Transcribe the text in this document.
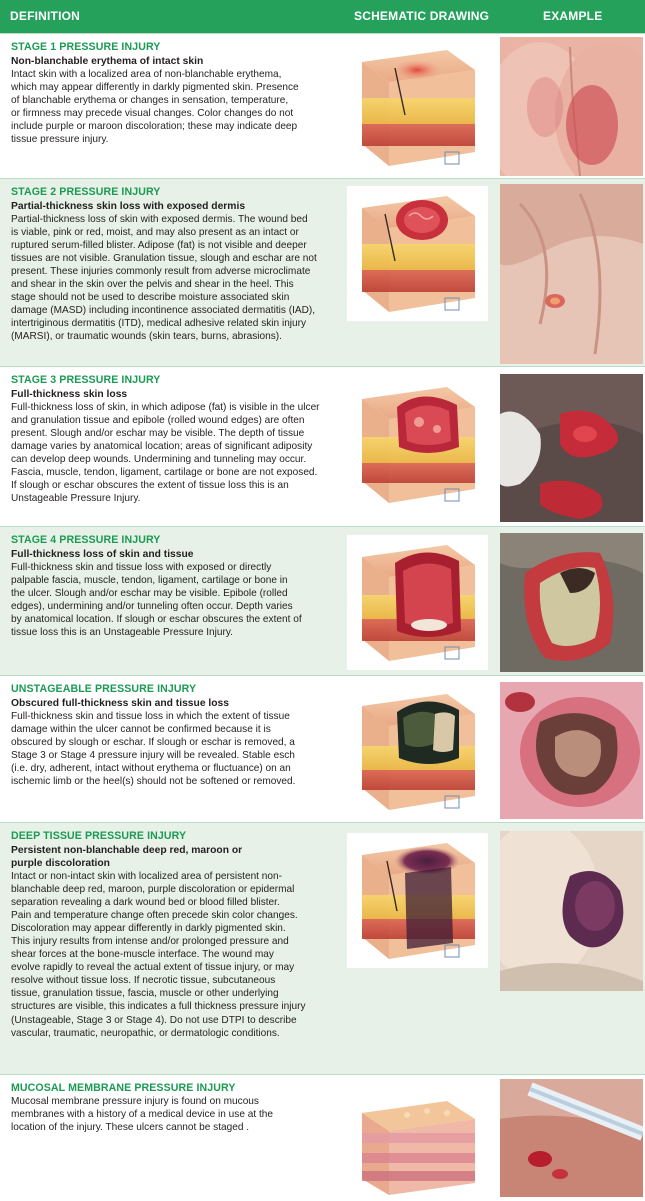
DEFINITION	SCHEMATIC DRAWING	EXAMPLE
STAGE 1 PRESSURE INJURY
Non-blanchable erythema of intact skin
Intact skin with a localized area of non-blanchable erythema,
which may appear differently in darkly pigmented skin. Presence
of blanchable erythema or changes in sensation, temperature,
or firmness may precede visual changes. Color changes do not
include purple or maroon discoloration; these may indicate deep
tissue pressure injury.
STAGE 2 PRESSURE INJURY
Partial-thickness skin loss with exposed dermis
Partial-thickness loss of skin with exposed dermis. The wound bed
is viable, pink or red, moist, and may also present as an intact or
ruptured serum-filled blister. Adipose (fat) is not visible and deeper
tissues are not visible. Granulation tissue, slough and eschar are not
present. These injuries commonly result from adverse microclimate
and shear in the skin over the pelvis and shear in the heel. This
stage should not be used to describe moisture associated skin
damage (MASD) including incontinence associated dermatitis (IAD),
intertriginous dermatitis (ITD), medical adhesive related skin injury
(MARSI), or traumatic wounds (skin tears, burns, abrasions).
STAGE 3 PRESSURE INJURY
Full-thickness skin loss
Full-thickness loss of skin, in which adipose (fat) is visible in the ulcer
and granulation tissue and epibole (rolled wound edges) are often
present. Slough and/or eschar may be visible. The depth of tissue
damage varies by anatomical location; areas of significant adiposity
can develop deep wounds. Undermining and tunneling may occur.
Fascia, muscle, tendon, ligament, cartilage or bone are not exposed.
If slough or eschar obscures the extent of tissue loss this is an
Unstageable Pressure Injury.
STAGE 4 PRESSURE INJURY
Full-thickness loss of skin and tissue
Full-thickness skin and tissue loss with exposed or directly
palpable fascia, muscle, tendon, ligament, cartilage or bone in
the ulcer. Slough and/or eschar may be visible. Epibole (rolled
edges), undermining and/or tunneling often occur. Depth varies
by anatomical location. If slough or eschar obscures the extent of
tissue loss this is an Unstageable Pressure Injury.
UNSTAGEABLE PRESSURE INJURY
Obscured full-thickness skin and tissue loss
Full-thickness skin and tissue loss in which the extent of tissue
damage within the ulcer cannot be confirmed because it is
obscured by slough or eschar. If slough or eschar is removed, a
Stage 3 or Stage 4 pressure injury will be revealed. Stable esch
(i.e. dry, adherent, intact without erythema or fluctuance) on an
ischemic limb or the heel(s) should not be softened or removed.
DEEP TISSUE PRESSURE INJURY
Persistent non-blanchable deep red, maroon or
purple discoloration
Intact or non-intact skin with localized area of persistent non-
blanchable deep red, maroon, purple discoloration or epidermal
separation revealing a dark wound bed or blood filled blister.
Pain and temperature change often precede skin color changes.
Discoloration may appear differently in darkly pigmented skin.
This injury results from intense and/or prolonged pressure and
shear forces at the bone-muscle interface. The wound may
evolve rapidly to reveal the actual extent of tissue injury, or may
resolve without tissue loss. If necrotic tissue, subcutaneous
tissue, granulation tissue, fascia, muscle or other underlying
structures are visible, this indicates a full thickness pressure injury
(Unstageable, Stage 3 or Stage 4). Do not use DTPI to describe
vascular, traumatic, neuropathic, or dermatologic conditions.
MUCOSAL MEMBRANE PRESSURE INJURY
Mucosal membrane pressure injury is found on mucous
membranes with a history of a medical device in use at the
location of the injury. These ulcers cannot be staged .
